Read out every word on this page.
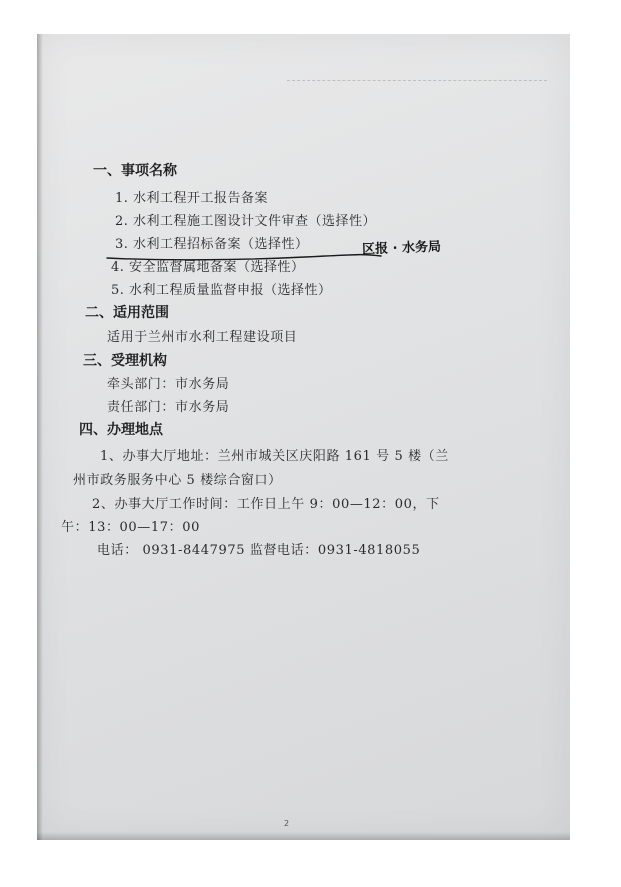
一、事项名称
1. 水利工程开工报告备案
2. 水利工程施工图设计文件审查（选择性）
3. 水利工程招标备案（选择性）	区报 · 水务局
4. 安全监督属地备案（选择性）
5. 水利工程质量监督申报（选择性）
二、适用范围
适用于兰州市水利工程建设项目
三、受理机构
牵头部门：市水务局
责任部门：市水务局
四、办理地点
1、办事大厅地址：兰州市城关区庆阳路 161 号 5 楼（兰
州市政务服务中心 5 楼综合窗口）
2、办事大厅工作时间：工作日上午 9：00—12：00，下
午：13：00—17：00
电话： 0931-8447975 监督电话：0931-4818055
2
